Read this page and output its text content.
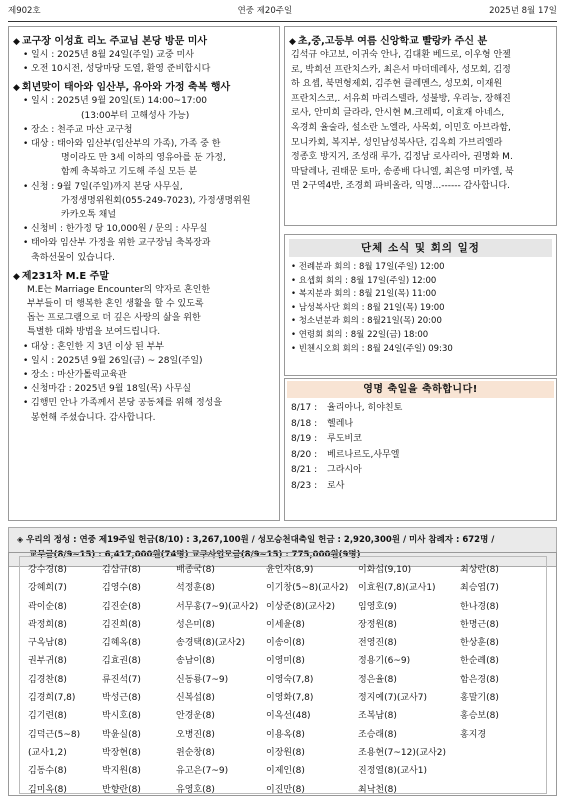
제902호	연중 제20주일	2025년 8월 17일
◆ 교구장 이성효 리노 주교님 본당 방문 미사
• 일시 : 2025년 8월 24일(주일) 교중 미사
• 오전 10시전, 성당마당 도열, 환영 준비합시다
◆ 회년맞이 태아와 임산부, 유아와 가정 축복 행사
• 일시 : 2025년 9월 20일(토) 14:00~17:00
(13:00부터 고해성사 가능)
• 장소 : 천주교 마산 교구청
• 대상 : 태아와 임산부(임산부의 가족), 가족 중 한
명이라도 만 3세 이하의 영유아를 둔 가정,
함께 축복하고 기도해 주실 모든 분
• 신청 : 9월 7일(주일)까지 본당 사무실,
가정생명위원회(055-249-7023), 가정생명위원
카카오톡 채널
• 신청비 : 한가정 당 10,000원 / 문의 : 사무실
• 태아와 임산부 가정을 위한 교구장님 축복장과
축하선물이 있습니다.
◆ 제231차 M.E 주말
M.E는 Marriage Encounter의 약자로 혼인한
부부들이 더 행복한 혼인 생활을 할 수 있도록
돕는 프로그램으로 더 깊은 사랑의 삶을 위한
특별한 대화 방법을 보여드립니다.
• 대상 : 혼인한 지 3년 이상 된 부부
• 일시 : 2025년 9월 26일(금) ~ 28일(주일)
• 장소 : 마산가톨릭교육관
• 신청마감 : 2025년 9월 18일(목) 사무실
• 김행민 안나 가족께서 본당 공동체를 위해 정성을
봉헌해 주셨습니다. 감사합니다.
◆ 초,중,고등부 여름 신앙학교 빨랑카 주신 분
김석규 야고보, 이귀숙 안나, 김대환 베드로, 이우형 안젤
로, 박희선 프란치스카, 최은서 마더데레사, 성모회, 김정
하 요셉, 북면형제회, 김주현 클레멘스, 성모회, 이재원
프란치스코,. 서유희 마리스텔라, 성불방, 우리능, 장해진
로사, 안미희 글라라, 안시현 M.크레띠, 이효재 아네스,
옥경희 율술라, 설소란 노엘라, 사목회, 이민호 아브라함,
모니카회, 복지부, 성인남성복사단, 김옥희 가브리엘라
정종호 방지거, 조성래 루가, 김정남 로사리아, 권명화 M.
막달레나, 권태문 토마, 송종배 다니엘, 최은영 미카엘, 북
면 2구역4반, 조경희 파비올라, 익명...------ 감사합니다.
단체 소식 및 회의 일정
• 전례분과 회의 : 8월 17일(주일) 12:00
• 요셉회 회의 : 8월 17일(주일) 12:00
• 복지분과 회의 : 8월 21일(목) 11:00
• 남성복사단 회의 : 8월 21일(목) 19:00
• 청소년분과 회의 : 8월21일(목) 20:00
• 연령회 회의 : 8월 22일(금) 18:00
• 빈첸시오회 회의 : 8월 24일(주일) 09:30
영명 축일을 축하합니다!
8/17 : 율리아나, 히야친토
8/18 : 헬레나
8/19 : 루도비코
8/20 : 베르나르도,사무엘
8/21 : 그라시아
8/23 : 로사
◈ 우리의 정성 : 연중 제19주일 헌금(8/10) : 3,267,100원 / 성모승천대축일 헌금 : 2,920,300원 / 미사 참례자 : 672명 /
교무금(8/9~15) : 6,417,000원(74명) 교구사업모금(8/9~15) : 775,000원(9명)
강수경(8)
강혜희(7)
곽이순(8)
곽정희(8)
구옥남(8)
권부귀(8)
김경찬(8)
김경희(7,8)
김기련(8)
김덕근(5~8)
(교사1,2)
김동수(8)
김미옥(8)
김삼규(8)
김영수(8)
김진순(8)
김진희(8)
김혜옥(8)
김효권(8)
류진석(7)
박성근(8)
박시호(8)
박윤실(8)
박장현(8)
박지원(8)
반향란(8)
배종국(8)
석정훈(8)
서무홍(7~9)(교사2)
성은미(8)
송경택(8)(교사2)
송남이(8)
신동룡(7~9)
신복섭(8)
안경운(8)
오병진(8)
윈순창(8)
유고은(7~9)
유영호(8)
윤인자(8,9)
이기창(5~8)(교사2)
이상준(8)(교사2)
이세윤(8)
이송이(8)
이영미(8)
이영숙(7,8)
이영화(7,8)
이옥선(48)
이용옥(8)
이장원(8)
이제인(8)
이진만(8)
이화섭(9,10)
이효원(7,8)(교사1)
임영호(9)
장정원(8)
전영진(8)
정용기(6~9)
정은율(8)
정지예(7)(교사7)
조복남(8)
조승래(8)
조용현(7~12)(교사2)
진정열(8)(교사1)
최낙천(8)
최상란(8)
최승엽(7)
한나경(8)
한명근(8)
한상훈(8)
한순례(8)
함은경(8)
홍말기(8)
홍승보(8)
홍지경
